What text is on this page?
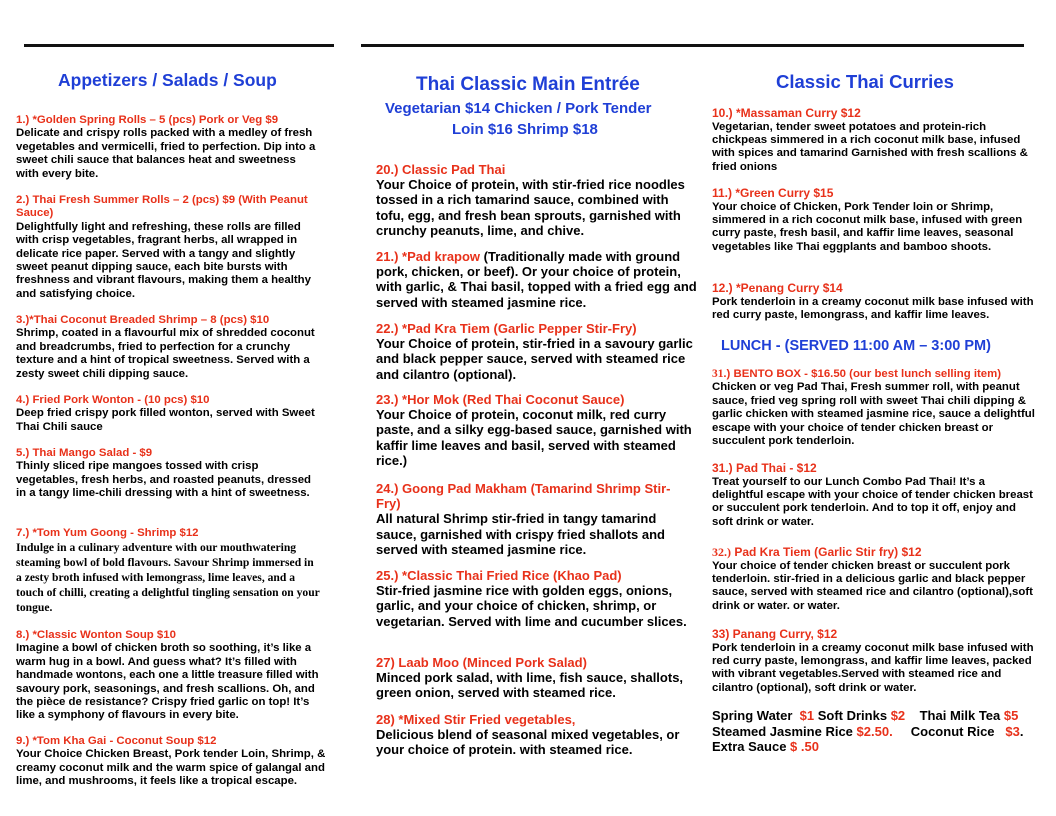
Appetizers / Salads / Soup
1.) *Golden Spring Rolls – 5 (pcs) Pork or Veg $9
Delicate and crispy rolls packed with a medley of fresh vegetables and vermicelli, fried to perfection. Dip into a sweet chili sauce that balances heat and sweetness with every bite.
2.) Thai Fresh Summer Rolls – 2 (pcs) $9 (With Peanut Sauce)
Delightfully light and refreshing, these rolls are filled with crisp vegetables, fragrant herbs, all wrapped in delicate rice paper. Served with a tangy and slightly sweet peanut dipping sauce, each bite bursts with freshness and vibrant flavours, making them a healthy and satisfying choice.
3.)*Thai Coconut Breaded Shrimp – 8 (pcs) $10
Shrimp, coated in a flavourful mix of shredded coconut and breadcrumbs, fried to perfection for a crunchy texture and a hint of tropical sweetness. Served with a zesty sweet chili dipping sauce.
4.) Fried Pork Wonton - (10 pcs) $10
Deep fried crispy pork filled wonton, served with Sweet Thai Chili sauce
5.) Thai Mango Salad - $9
Thinly sliced ripe mangoes tossed with crisp vegetables, fresh herbs, and roasted peanuts, dressed in a tangy lime-chili dressing with a hint of sweetness.
7.) *Tom Yum Goong - Shrimp $12
Indulge in a culinary adventure with our mouthwatering steaming bowl of bold flavours. Savour Shrimp immersed in a zesty broth infused with lemongrass, lime leaves, and a touch of chilli, creating a delightful tingling sensation on your tongue.
8.) *Classic Wonton Soup $10
Imagine a bowl of chicken broth so soothing, it’s like a warm hug in a bowl. And guess what? It’s filled with handmade wontons, each one a little treasure filled with savoury pork, seasonings, and fresh scallions. Oh, and the pièce de resistance? Crispy fried garlic on top! It’s like a symphony of flavours in every bite.
9.) *Tom Kha Gai - Coconut Soup $12
Your Choice Chicken Breast, Pork tender Loin, Shrimp, & creamy coconut milk and the warm spice of galangal and lime, and mushrooms, it feels like a tropical escape.
Thai Classic Main Entrée
Vegetarian $14 Chicken / Pork Tender
Loin $16 Shrimp $18
20.) Classic Pad Thai
Your Choice of protein, with stir-fried rice noodles tossed in a rich tamarind sauce, combined with tofu, egg, and fresh bean sprouts, garnished with crunchy peanuts, lime, and chive.
21.) *Pad krapow (Traditionally made with ground pork, chicken, or beef). Or your choice of protein, with garlic, & Thai basil, topped with a fried egg and served with steamed jasmine rice.
22.) *Pad Kra Tiem (Garlic Pepper Stir-Fry)
Your Choice of protein, stir-fried in a savoury garlic and black pepper sauce, served with steamed rice and cilantro (optional).
23.) *Hor Mok (Red Thai Coconut Sauce)
Your Choice of protein, coconut milk, red curry paste, and a silky egg-based sauce, garnished with kaffir lime leaves and basil, served with steamed rice.)
24.) Goong Pad Makham (Tamarind Shrimp Stir-Fry)
All natural Shrimp stir-fried in tangy tamarind sauce, garnished with crispy fried shallots and served with steamed jasmine rice.
25.) *Classic Thai Fried Rice (Khao Pad)
Stir-fried jasmine rice with golden eggs, onions, garlic, and your choice of chicken, shrimp, or vegetarian. Served with lime and cucumber slices.
27) Laab Moo (Minced Pork Salad)
Minced pork salad, with lime, fish sauce, shallots, green onion, served with steamed rice.
28) *Mixed Stir Fried vegetables,
Delicious blend of seasonal mixed vegetables, or your choice of protein. with steamed rice.
Classic Thai Curries
10.) *Massaman Curry $12
Vegetarian, tender sweet potatoes and protein-rich chickpeas simmered in a rich coconut milk base, infused with spices and tamarind Garnished with fresh scallions & fried onions
11.) *Green Curry $15
Your choice of Chicken, Pork Tender loin or Shrimp, simmered in a rich coconut milk base, infused with green curry paste, fresh basil, and kaffir lime leaves, seasonal vegetables like Thai eggplants and bamboo shoots.
12.) *Penang Curry $14
Pork tenderloin in a creamy coconut milk base infused with red curry paste, lemongrass, and kaffir lime leaves.
LUNCH - (SERVED 11:00 AM – 3:00 PM)
31.) BENTO BOX - $16.50 (our best lunch selling item)
Chicken or veg Pad Thai, Fresh summer roll, with peanut sauce, fried veg spring roll with sweet Thai chili dipping & garlic chicken with steamed jasmine rice, sauce a delightful escape with your choice of tender chicken breast or succulent pork tenderloin.
31.) Pad Thai - $12
Treat yourself to our Lunch Combo Pad Thai! It’s a delightful escape with your choice of tender chicken breast or succulent pork tenderloin. And to top it off, enjoy and soft drink or water.
32.) Pad Kra Tiem (Garlic Stir fry) $12
Your choice of tender chicken breast or succulent pork tenderloin. stir-fried in a delicious garlic and black pepper sauce, served with steamed rice and cilantro (optional),soft drink or water. or water.
33) Panang Curry, $12
Pork tenderloin in a creamy coconut milk base infused with red curry paste, lemongrass, and kaffir lime leaves, packed with vibrant vegetables.Served with steamed rice and cilantro (optional), soft drink or water.
Spring Water  $1 Soft Drinks $2    Thai Milk Tea $5
Steamed Jasmine Rice $2.50.     Coconut Rice   $3.
Extra Sauce $ .50
